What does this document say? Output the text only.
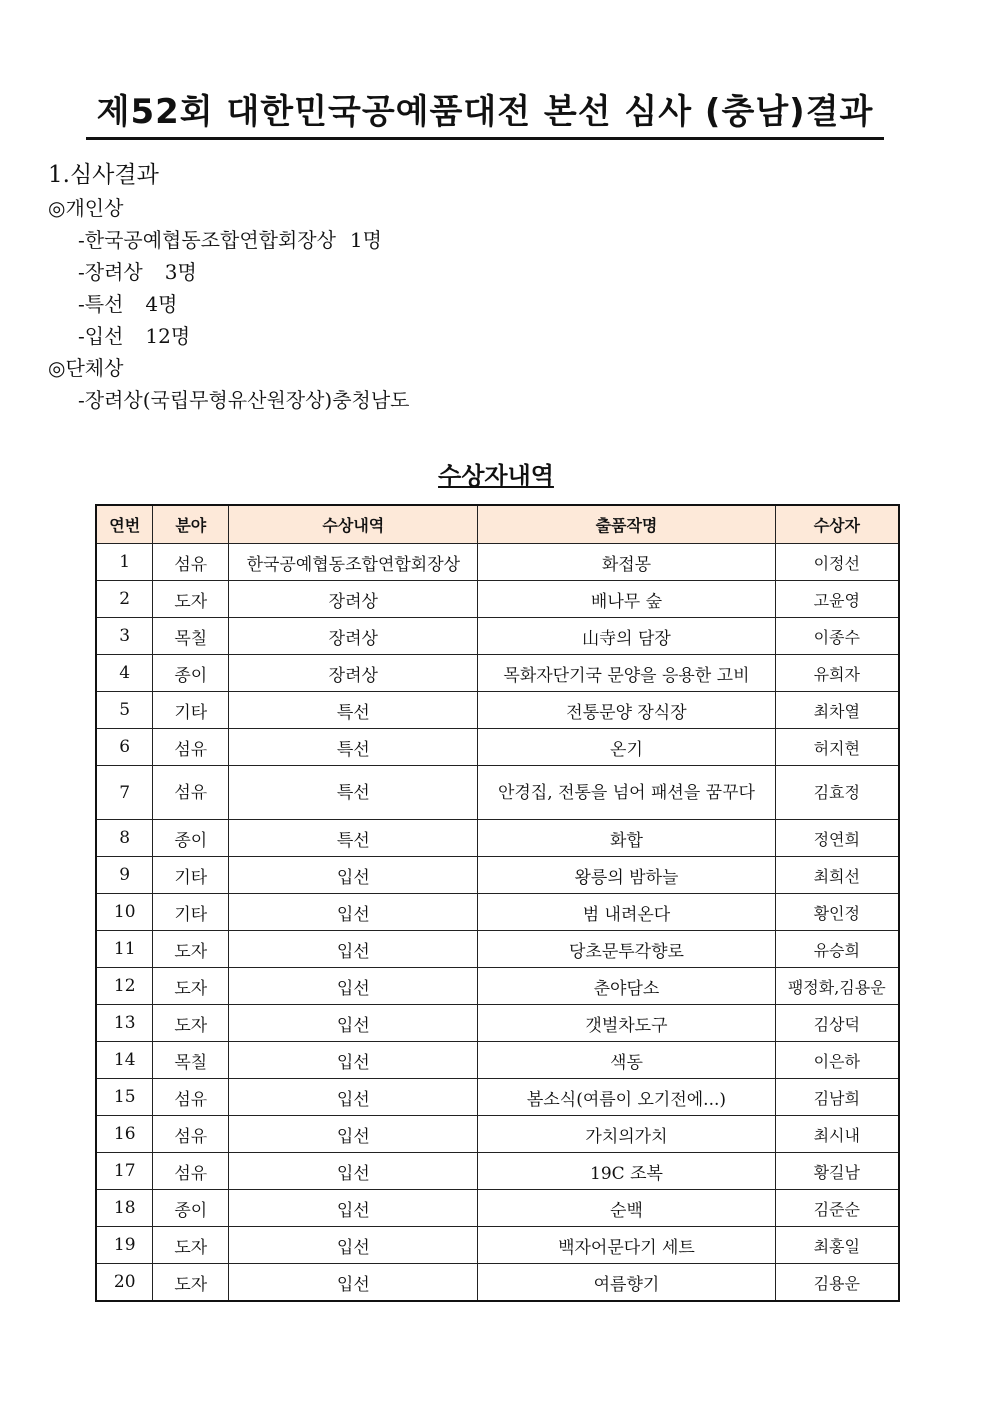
제52회 대한민국공예품대전 본선 심사 (충남)결과
1.심사결과
◎개인상
-한국공예협동조합연합회장상 1명
-장려상 3명
-특선 4명
-입선 12명
◎단체상
-장려상(국립무형유산원장상)충청남도
수상자내역
연번	분야	수상내역	출품작명	수상자
1	섬유	한국공예협동조합연합회장상	화접몽	이정선
2	도자	장려상	배나무 숲	고윤영
3	목칠	장려상	山寺의 담장	이종수
4	종이	장려상	목화자단기국 문양을 응용한 고비	유희자
5	기타	특선	전통문양 장식장	최차열
6	섬유	특선	온기	허지현
7	섬유	특선	안경집, 전통을 넘어 패션을 꿈꾸다	김효정
8	종이	특선	화합	정연희
9	기타	입선	왕릉의 밤하늘	최희선
10	기타	입선	범 내려온다	황인정
11	도자	입선	당초문투각향로	유승희
12	도자	입선	춘야담소	팽정화,김용운
13	도자	입선	갯벌차도구	김상덕
14	목칠	입선	색동	이은하
15	섬유	입선	봄소식(여름이 오기전에...)	김남희
16	섬유	입선	가치의가치	최시내
17	섬유	입선	19C 조복	황길남
18	종이	입선	순백	김준순
19	도자	입선	백자어문다기 세트	최홍일
20	도자	입선	여름향기	김용운
